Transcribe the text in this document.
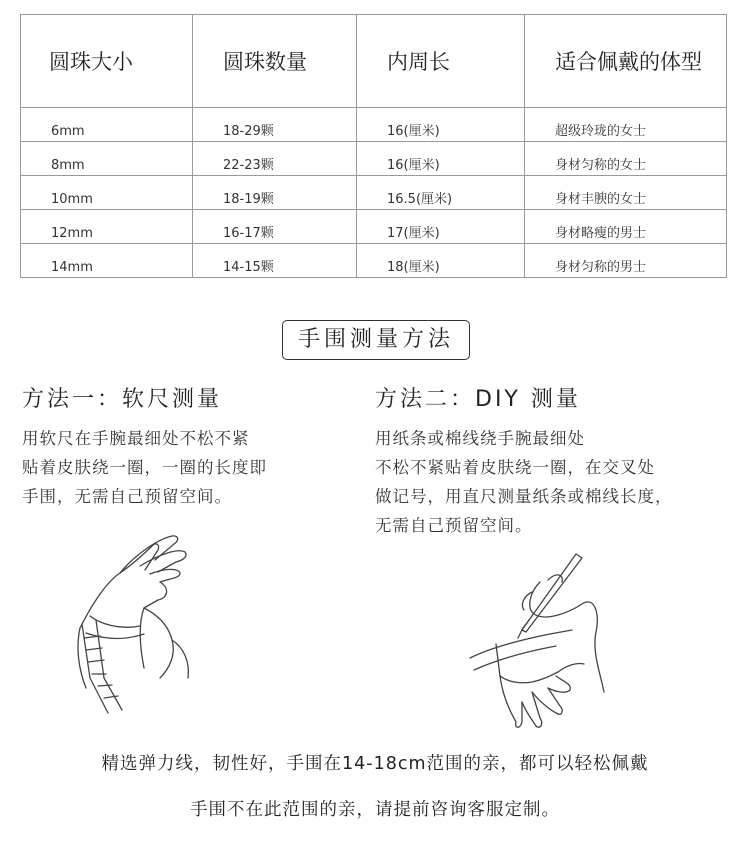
圆珠大小	圆珠数量	内周长	适合佩戴的体型
6mm	18-29颗	16(厘米)	超级玲珑的女士
8mm	22-23颗	16(厘米)	身材匀称的女士
10mm	18-19颗	16.5(厘米)	身材丰腴的女士
12mm	16-17颗	17(厘米)	身材略瘦的男士
14mm	14-15颗	18(厘米)	身材匀称的男士
手围测量方法
方法一：软尺测量
用软尺在手腕最细处不松不紧
贴着皮肤绕一圈，一圈的长度即
手围，无需自己预留空间。
方法二：DIY 测量
用纸条或棉线绕手腕最细处
不松不紧贴着皮肤绕一圈，在交叉处
做记号，用直尺测量纸条或棉线长度，
无需自己预留空间。
精选弹力线，韧性好，手围在14-18cm范围的亲，都可以轻松佩戴
手围不在此范围的亲，请提前咨询客服定制。
